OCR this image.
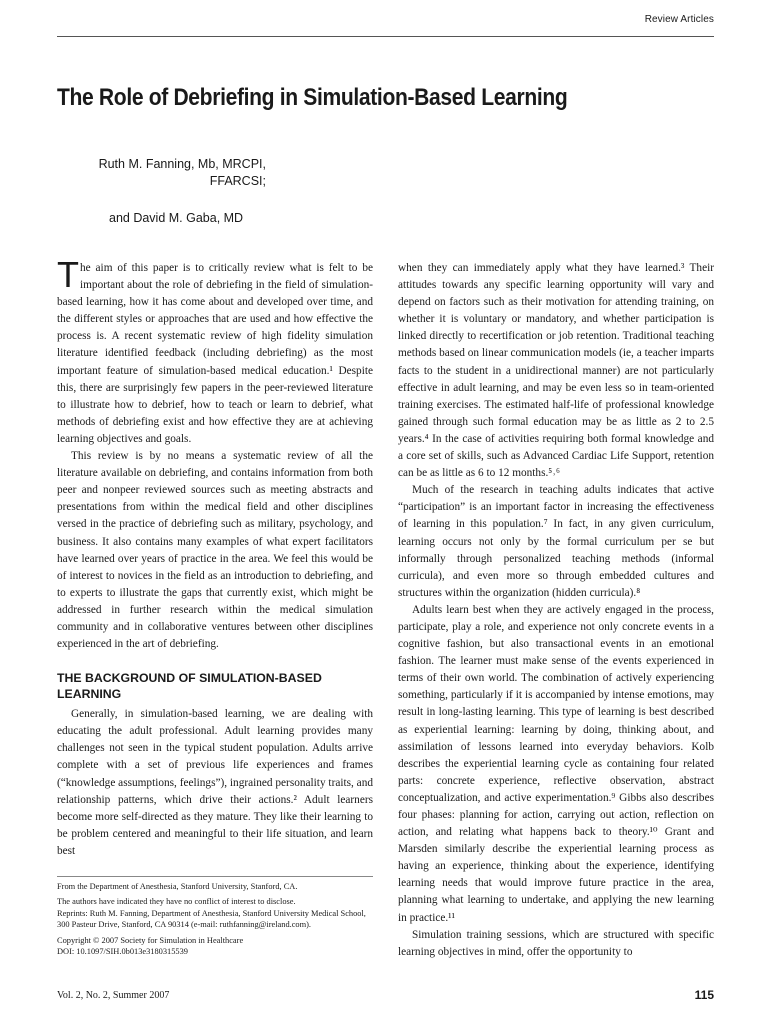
Review Articles
The Role of Debriefing in Simulation-Based Learning
Ruth M. Fanning, Mb, MRCPI,
FFARCSI;
and David M. Gaba, MD

The aim of this paper is to critically review what is felt to be important about the role of debriefing in the field of simulation-based learning, how it has come about and developed over time, and the different styles or approaches that are used and how effective the process is. A recent systematic review of high fidelity simulation literature identified feedback (including debriefing) as the most important feature of simulation-based medical education.¹ Despite this, there are surprisingly few papers in the peer-reviewed literature to illustrate how to debrief, how to teach or learn to debrief, what methods of debriefing exist and how effective they are at achieving learning objectives and goals.

This review is by no means a systematic review of all the literature available on debriefing, and contains information from both peer and nonpeer reviewed sources such as meeting abstracts and presentations from within the medical field and other disciplines versed in the practice of debriefing such as military, psychology, and business. It also contains many examples of what expert facilitators have learned over years of practice in the area. We feel this would be of interest to novices in the field as an introduction to debriefing, and to experts to illustrate the gaps that currently exist, which might be addressed in further research within the medical simulation community and in collaborative ventures between other disciplines experienced in the art of debriefing.

THE BACKGROUND OF SIMULATION-BASED LEARNING

Generally, in simulation-based learning, we are dealing with educating the adult professional. Adult learning provides many challenges not seen in the typical student population. Adults arrive complete with a set of previous life experiences and frames (“knowledge assumptions, feelings”), ingrained personality traits, and relationship patterns, which drive their actions.² Adult learners become more self-directed as they mature. They like their learning to be problem centered and meaningful to their life situation, and learn best

From the Department of Anesthesia, Stanford University, Stanford, CA.

The authors have indicated they have no conflict of interest to disclose.

Reprints: Ruth M. Fanning, Department of Anesthesia, Stanford University Medical School, 300 Pasteur Drive, Stanford, CA 90314 (e-mail: ruthfanning@ireland.com).

Copyright © 2007 Society for Simulation in Healthcare

DOI: 10.1097/SIH.0b013e3180315539

when they can immediately apply what they have learned.³ Their attitudes towards any specific learning opportunity will vary and depend on factors such as their motivation for attending training, on whether it is voluntary or mandatory, and whether participation is linked directly to recertification or job retention. Traditional teaching methods based on linear communication models (ie, a teacher imparts facts to the student in a unidirectional manner) are not particularly effective in adult learning, and may be even less so in team-oriented training exercises. The estimated half-life of professional knowledge gained through such formal education may be as little as 2 to 2.5 years.⁴ In the case of activities requiring both formal knowledge and a core set of skills, such as Advanced Cardiac Life Support, retention can be as little as 6 to 12 months.⁵˒⁶

Much of the research in teaching adults indicates that active “participation” is an important factor in increasing the effectiveness of learning in this population.⁷ In fact, in any given curriculum, learning occurs not only by the formal curriculum per se but informally through personalized teaching methods (informal curricula), and even more so through embedded cultures and structures within the organization (hidden curricula).⁸

Adults learn best when they are actively engaged in the process, participate, play a role, and experience not only concrete events in a cognitive fashion, but also transactional events in an emotional fashion. The learner must make sense of the events experienced in terms of their own world. The combination of actively experiencing something, particularly if it is accompanied by intense emotions, may result in long-lasting learning. This type of learning is best described as experiential learning: learning by doing, thinking about, and assimilation of lessons learned into everyday behaviors. Kolb describes the experiential learning cycle as containing four related parts: concrete experience, reflective observation, abstract conceptualization, and active experimentation.⁹ Gibbs also describes four phases: planning for action, carrying out action, reflection on action, and relating what happens back to theory.¹⁰ Grant and Marsden similarly describe the experiential learning process as having an experience, thinking about the experience, identifying learning needs that would improve future practice in the area, planning what learning to undertake, and applying the new learning in practice.¹¹

Simulation training sessions, which are structured with specific learning objectives in mind, offer the opportunity to

Vol. 2, No. 2, Summer 2007	115
